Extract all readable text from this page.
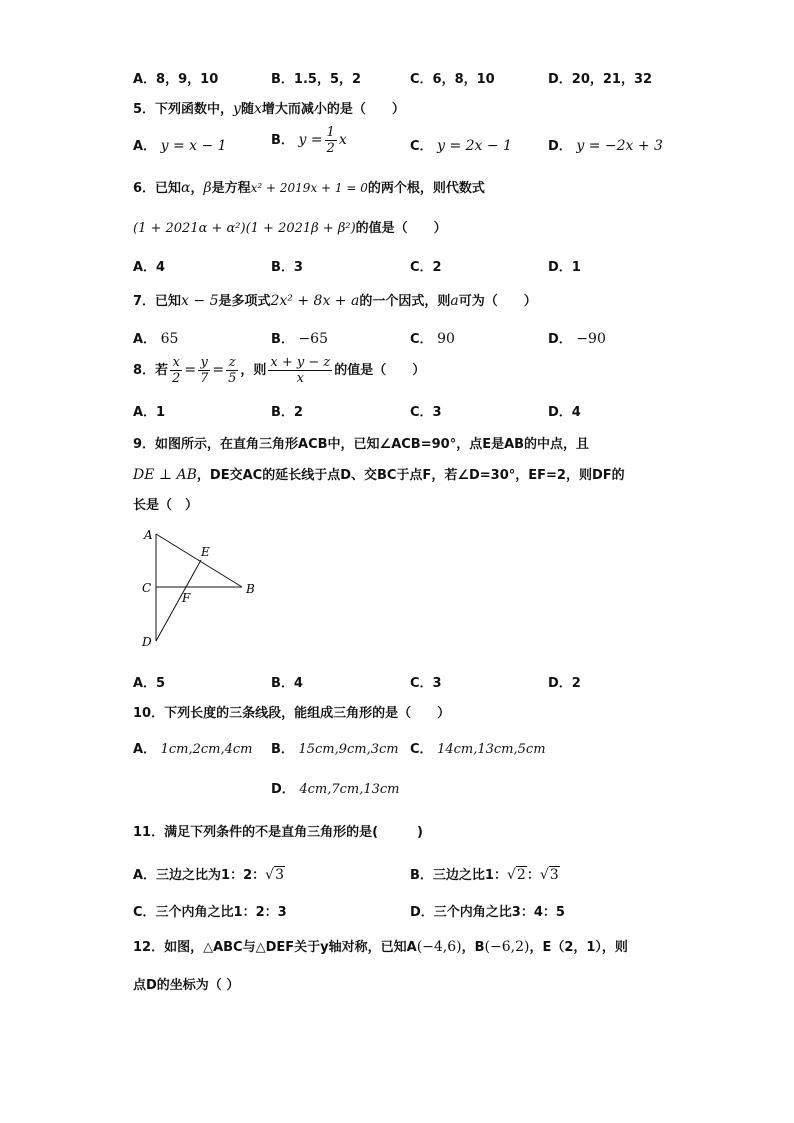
A．8，9，10	B．1.5，5，2	C．6，8，10	D．20，21，32
5．下列函数中，y随x增大而减小的是（　　）
A． y = x − 1	B． $y = \frac{1}{2}$ x	C． y = 2x − 1	D． y = −2x + 3
6．已知α，β是方程x² + 2019x + 1 = 0的两个根，则代数式
(1 + 2021α + α²)(1 + 2021β + β²)的值是（　　）
A．4	B．3	C．2	D．1
7．已知x − 5是多项式2x² + 8x + a的一个因式，则a可为（　　）
A． 65	B． −65	C． 90	D． −90
8．若 $\frac{x}{2} = \frac{y}{7} = \frac{z}{5}$ ，则 $\frac{x + y - z}{x}$ 的值是（　　）
A．1	B．2	C．3	D．4
9．如图所示，在直角三角形ACB中，已知∠ACB=90°，点E是AB的中点，且
DE ⊥ AB，DE交AC的延长线于点D、交BC于点F，若∠D=30°，EF=2，则DF的
长是（　）
A
E
C
F
B
D
A．5	B．4	C．3	D．2
10．下列长度的三条线段，能组成三角形的是（　　）
A． 1cm,2cm,4cm B． 15cm,9cm,3cm C． 14cm,13cm,5cm
D． 4cm,7cm,13cm
11．满足下列条件的不是直角三角形的是(　　　)
A．三边之比为1：2：√3	B．三边之比1：√2：√3
C．三个内角之比1：2：3	D．三个内角之比3：4：5
12．如图，△ABC与△DEF关于y轴对称，已知A(−4,6)，B(−6,2)，E（2，1），则
点D的坐标为（ ）
